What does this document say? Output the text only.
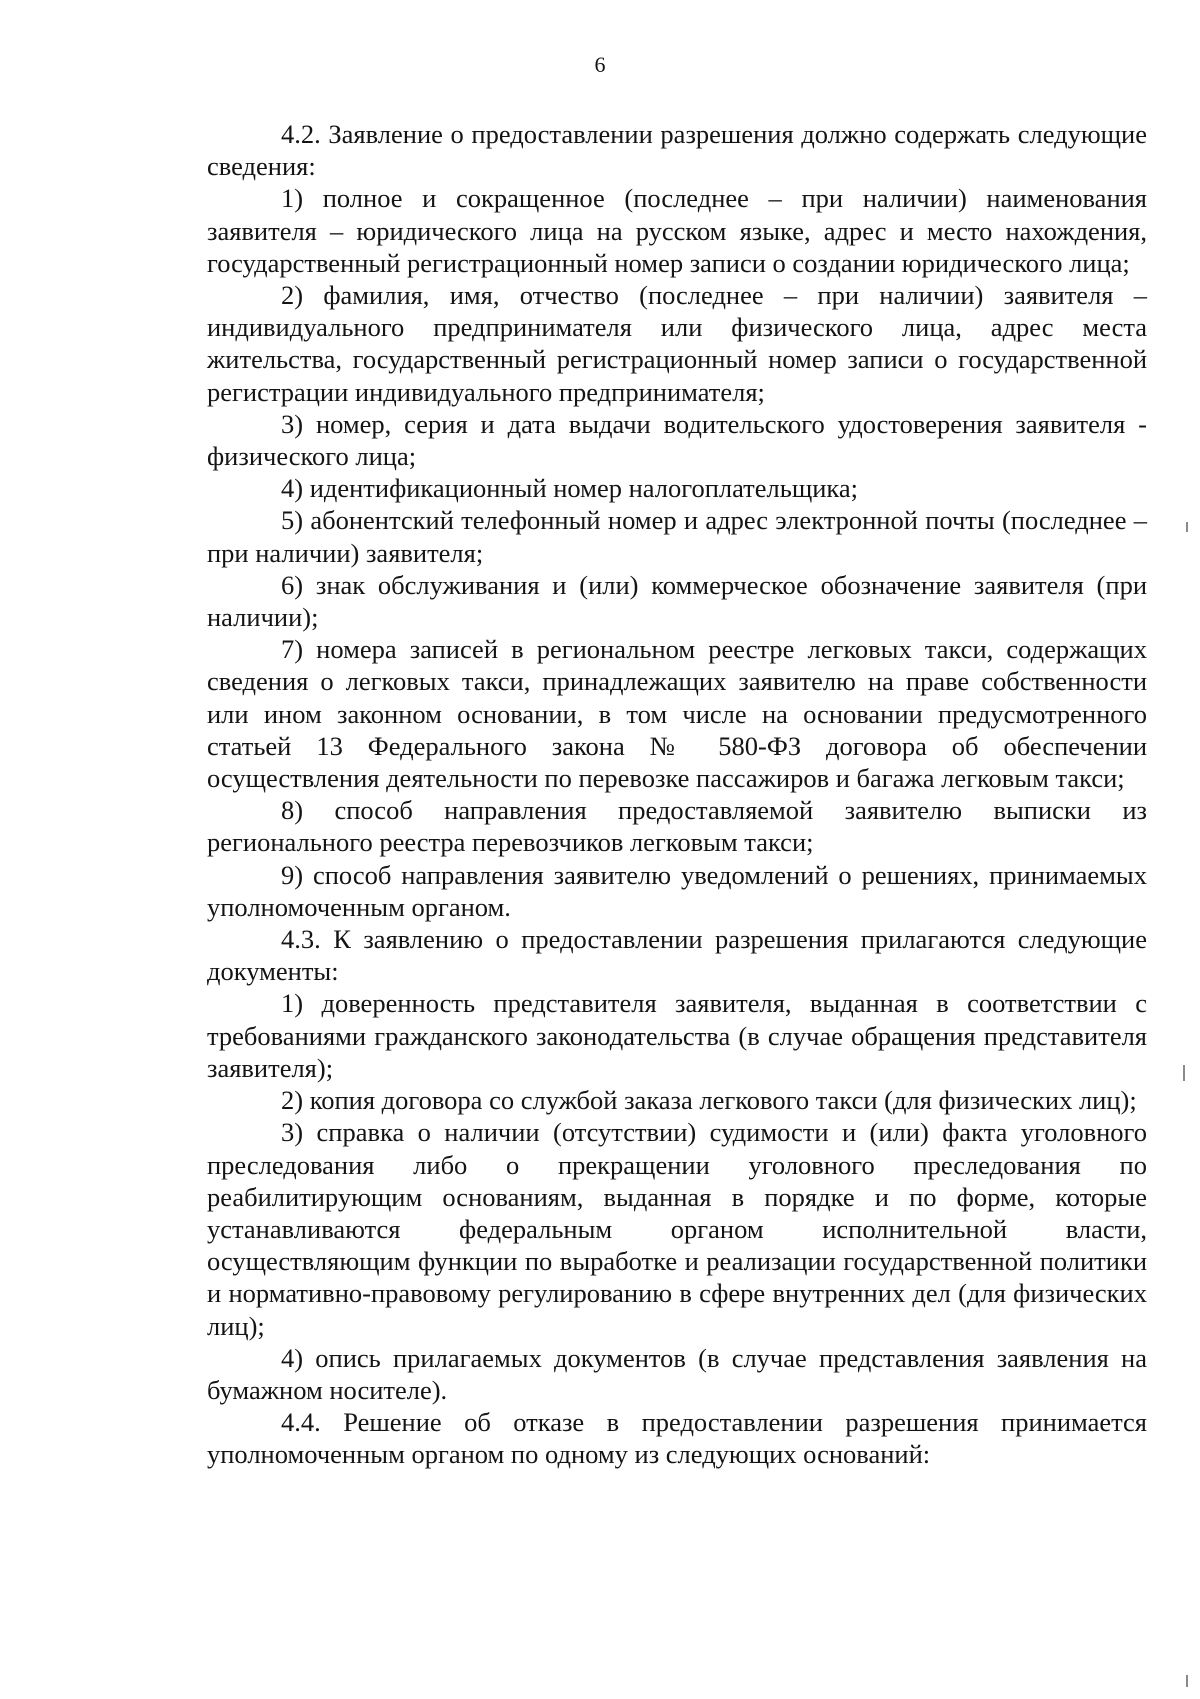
6

4.2. Заявление о предоставлении разрешения должно содержать следующие сведения:

1) полное и сокращенное (последнее – при наличии) наименования заявителя – юридического лица на русском языке, адрес и место нахождения, государственный регистрационный номер записи о создании юридического лица;

2) фамилия, имя, отчество (последнее – при наличии) заявителя – индивидуального предпринимателя или физического лица, адрес места жительства, государственный регистрационный номер записи о государственной регистрации индивидуального предпринимателя;

3) номер, серия и дата выдачи водительского удостоверения заявителя - физического лица;

4) идентификационный номер налогоплательщика;

5) абонентский телефонный номер и адрес электронной почты (последнее – при наличии) заявителя;

6) знак обслуживания и (или) коммерческое обозначение заявителя (при наличии);

7) номера записей в региональном реестре легковых такси, содержащих сведения о легковых такси, принадлежащих заявителю на праве собственности или ином законном основании, в том числе на основании предусмотренного статьей 13 Федерального закона № 580-ФЗ договора об обеспечении осуществления деятельности по перевозке пассажиров и багажа легковым такси;

8) способ направления предоставляемой заявителю выписки из регионального реестра перевозчиков легковым такси;

9) способ направления заявителю уведомлений о решениях, принимаемых уполномоченным органом.

4.3. К заявлению о предоставлении разрешения прилагаются следующие документы:

1) доверенность представителя заявителя, выданная в соответствии с требованиями гражданского законодательства (в случае обращения представителя заявителя);

2) копия договора со службой заказа легкового такси (для физических лиц);

3) справка о наличии (отсутствии) судимости и (или) факта уголовного преследования либо о прекращении уголовного преследования по реабилитирующим основаниям, выданная в порядке и по форме, которые устанавливаются федеральным органом исполнительной власти, осуществляющим функции по выработке и реализации государственной политики и нормативно-правовому регулированию в сфере внутренних дел (для физических лиц);

4) опись прилагаемых документов (в случае представления заявления на бумажном носителе).

4.4. Решение об отказе в предоставлении разрешения принимается уполномоченным органом по одному из следующих оснований:
